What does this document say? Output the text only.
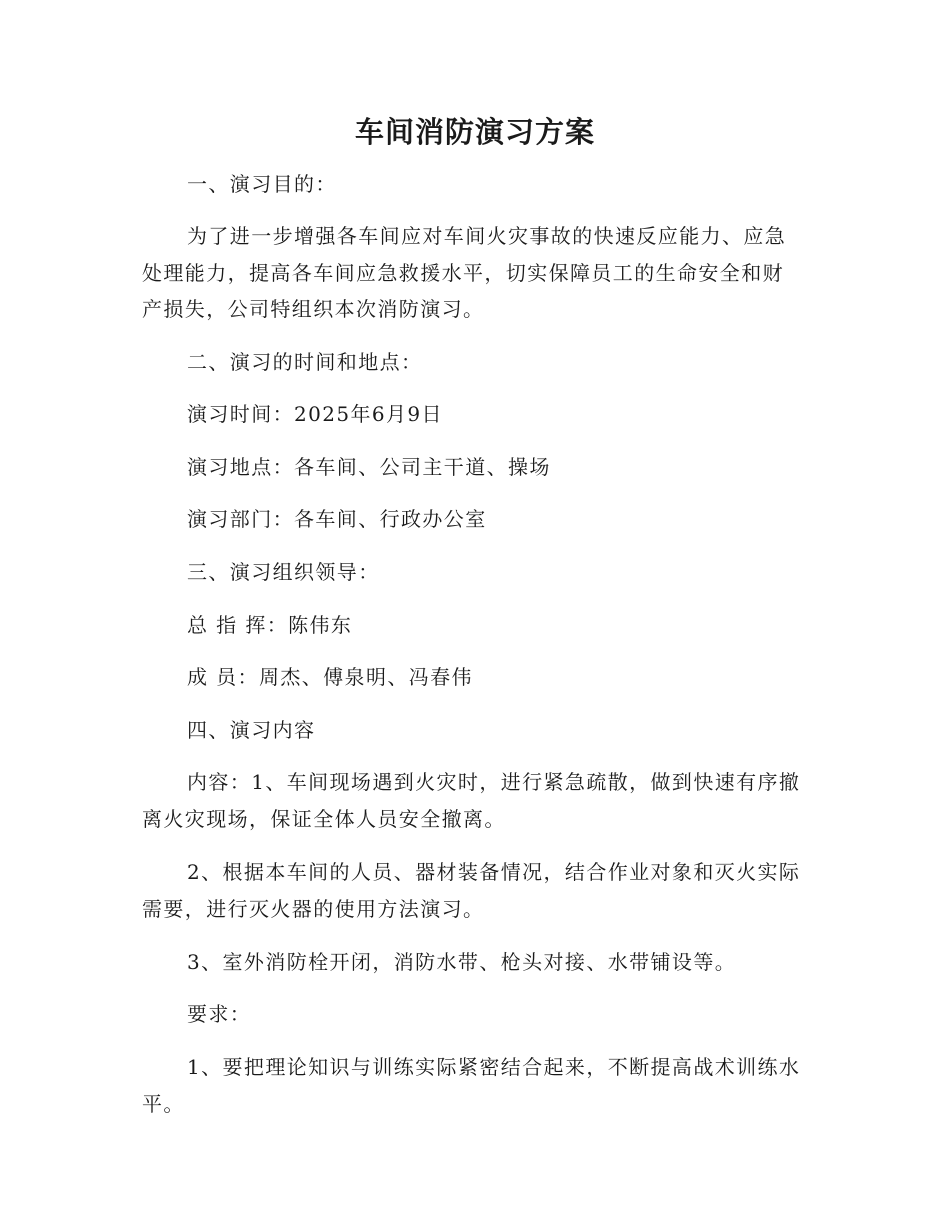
车间消防演习方案
一、演习目的：
为了进一步增强各车间应对车间火灾事故的快速反应能力、应急
处理能力，提高各车间应急救援水平，切实保障员工的生命安全和财
产损失，公司特组织本次消防演习。
二、演习的时间和地点：
演习时间：2025年6月9日
演习地点：各车间、公司主干道、操场
演习部门：各车间、行政办公室
三、演习组织领导：
总 指 挥：陈伟东
成 员：周杰、傅泉明、冯春伟
四、演习内容
内容：1、车间现场遇到火灾时，进行紧急疏散，做到快速有序撤
离火灾现场，保证全体人员安全撤离。
2、根据本车间的人员、器材装备情况，结合作业对象和灭火实际
需要，进行灭火器的使用方法演习。
3、室外消防栓开闭，消防水带、枪头对接、水带铺设等。
要求：
1、要把理论知识与训练实际紧密结合起来，不断提高战术训练水
平。
